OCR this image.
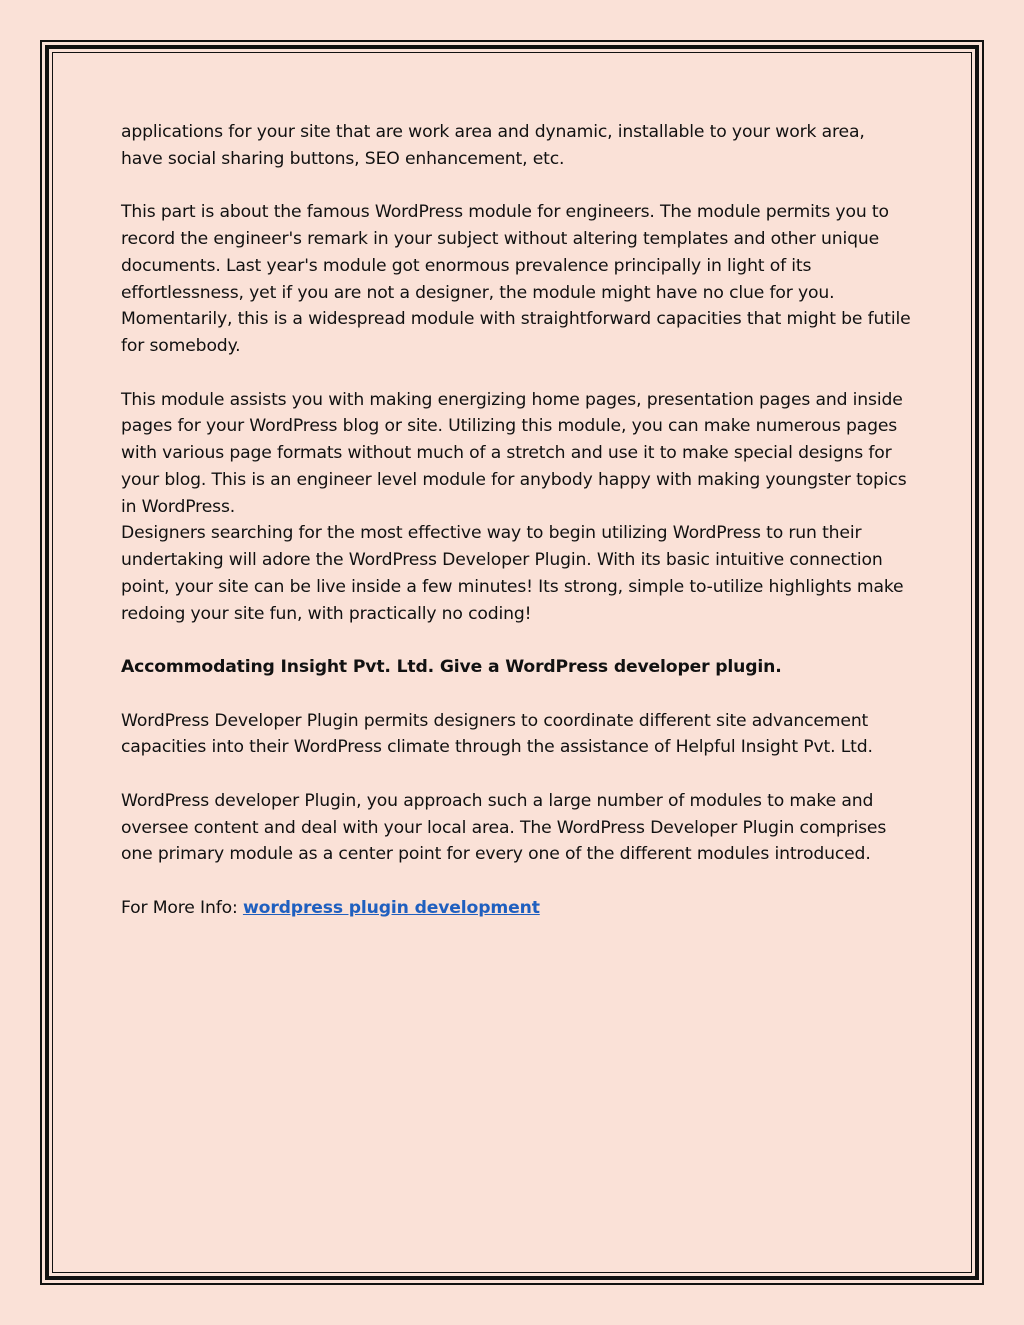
applications for your site that are work area and dynamic, installable to your work area, have social sharing buttons, SEO enhancement, etc.

This part is about the famous WordPress module for engineers. The module permits you to record the engineer's remark in your subject without altering templates and other unique documents. Last year's module got enormous prevalence principally in light of its effortlessness, yet if you are not a designer, the module might have no clue for you. Momentarily, this is a widespread module with straightforward capacities that might be futile for somebody.

This module assists you with making energizing home pages, presentation pages and inside pages for your WordPress blog or site. Utilizing this module, you can make numerous pages with various page formats without much of a stretch and use it to make special designs for your blog. This is an engineer level module for anybody happy with making youngster topics in WordPress.

Designers searching for the most effective way to begin utilizing WordPress to run their undertaking will adore the WordPress Developer Plugin. With its basic intuitive connection point, your site can be live inside a few minutes! Its strong, simple to-utilize highlights make redoing your site fun, with practically no coding!

Accommodating Insight Pvt. Ltd. Give a WordPress developer plugin.

WordPress Developer Plugin permits designers to coordinate different site advancement capacities into their WordPress climate through the assistance of Helpful Insight Pvt. Ltd.

WordPress developer Plugin, you approach such a large number of modules to make and oversee content and deal with your local area. The WordPress Developer Plugin comprises one primary module as a center point for every one of the different modules introduced.

For More Info: wordpress plugin development
